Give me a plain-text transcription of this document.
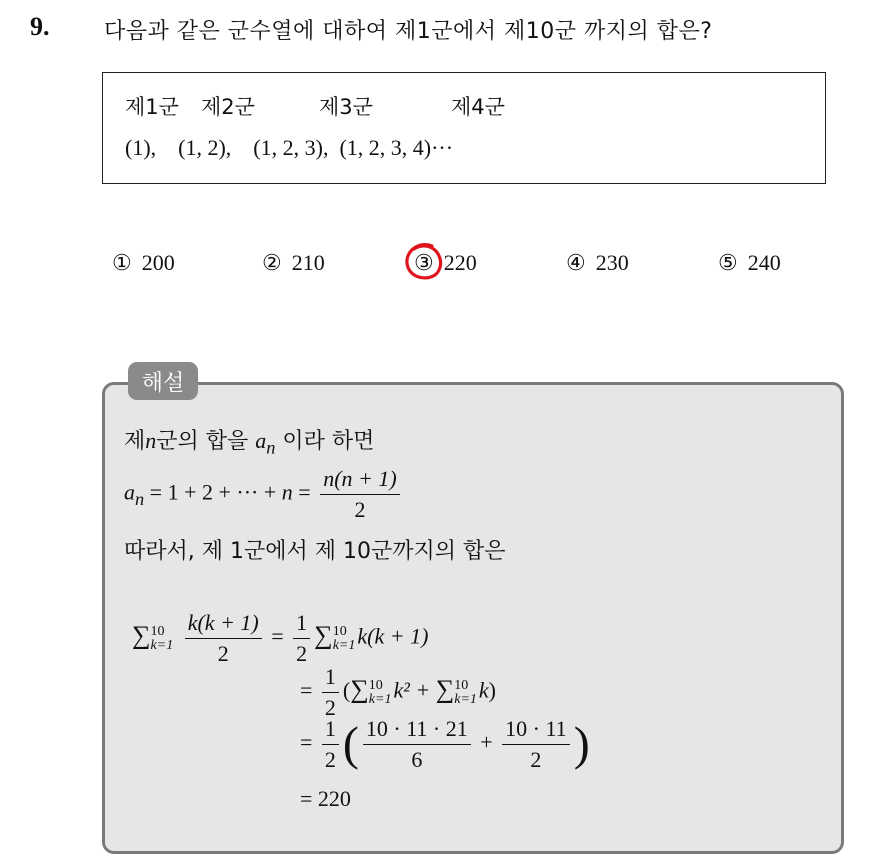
9. 다음과 같은 군수열에 대하여 제1군에서 제10군 까지의 합은?
제1군 제2군	제3군	제4군
(1),    (1, 2),    (1, 2, 3),  (1, 2, 3, 4)···
① 200	② 210	③ 220	④ 230	⑤ 240
해설
제n군의 합을 $a_n$ 이라 하면
$a_n = 1 + 2$ + ··· + $n = \frac{n(n + 1)}{2}$
따라서, 제 1군에서 제 10군까지의 합은
∑ 10
k=1
$\frac{k(k + 1)}{2} = \frac{1}{2}$ ∑ 10
k=1 k(k + 1)
= $\frac{1}{2}$ (∑ 10
k=1 k² + ∑ 10
k=1 k)
= $\frac{1}{2}$ ( $\frac{10 \cdot 11 \cdot 21}{6} + \frac{10 \cdot 11}{2}$ )
= 220
